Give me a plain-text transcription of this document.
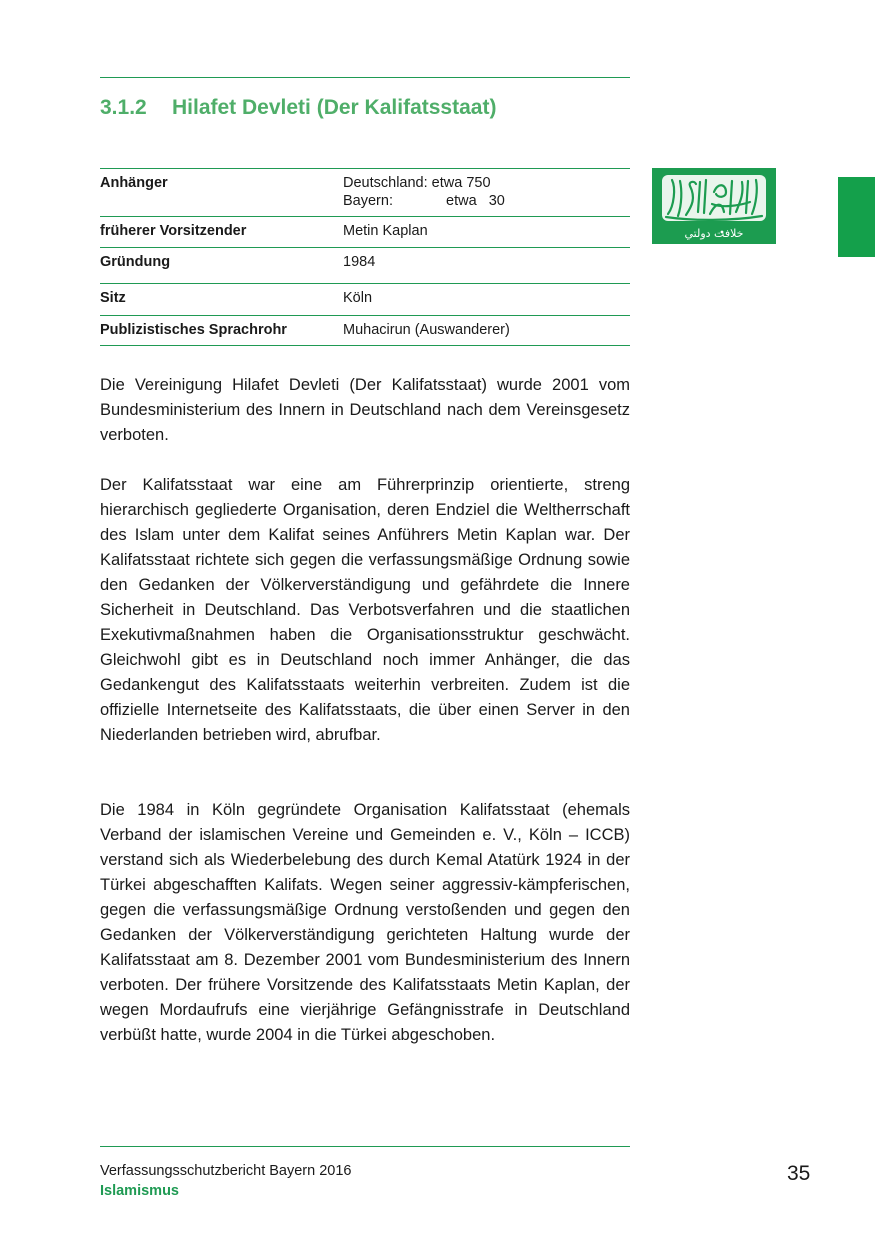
3.1.2 Hilafet Devleti (Der Kalifatsstaat)
Anhänger	Deutschland: etwa 750
Bayern: etwa   30

früherer Vorsitzender	Metin Kaplan
Gründung	1984
Sitz	Köln
Publizistisches Sprachrohr	Muhacirun (Auswanderer)
خلافت دولتي

Die Vereinigung Hilafet Devleti (Der Kalifatsstaat) wurde 2001 vom Bundesministerium des Innern in Deutschland nach dem Vereinsgesetz verboten.

Der Kalifatsstaat war eine am Führerprinzip orientierte, streng hierarchisch gegliederte Organisation, deren Endziel die Weltherrschaft des Islam unter dem Kalifat seines Anführers Metin Kaplan war. Der Kalifatsstaat richtete sich gegen die verfassungsmäßige Ordnung sowie den Gedanken der Völkerverständigung und gefährdete die Innere Sicherheit in Deutschland. Das Verbotsverfahren und die staatlichen Exekutivmaßnahmen haben die Organisationsstruktur geschwächt. Gleichwohl gibt es in Deutschland noch immer Anhänger, die das Gedankengut des Kalifatsstaats weiterhin verbreiten. Zudem ist die offizielle Internetseite des Kalifatsstaats, die über einen Server in den Niederlanden betrieben wird, abrufbar.

Die 1984 in Köln gegründete Organisation Kalifatsstaat (ehemals Verband der islamischen Vereine und Gemeinden e. V., Köln – ICCB) verstand sich als Wiederbelebung des durch Kemal Atatürk 1924 in der Türkei abgeschafften Kalifats. Wegen seiner aggressiv-kämpferischen, gegen die verfassungsmäßige Ordnung verstoßenden und gegen den Gedanken der Völkerverständigung gerichteten Haltung wurde der Kalifatsstaat am 8. Dezember 2001 vom Bundesministerium des Innern verboten. Der frühere Vorsitzende des Kalifatsstaats Metin Kaplan, der wegen Mordaufrufs eine vierjährige Gefängnisstrafe in Deutschland verbüßt hatte, wurde 2004 in die Türkei abgeschoben.

Verfassungsschutzbericht Bayern 2016
Islamismus
35
